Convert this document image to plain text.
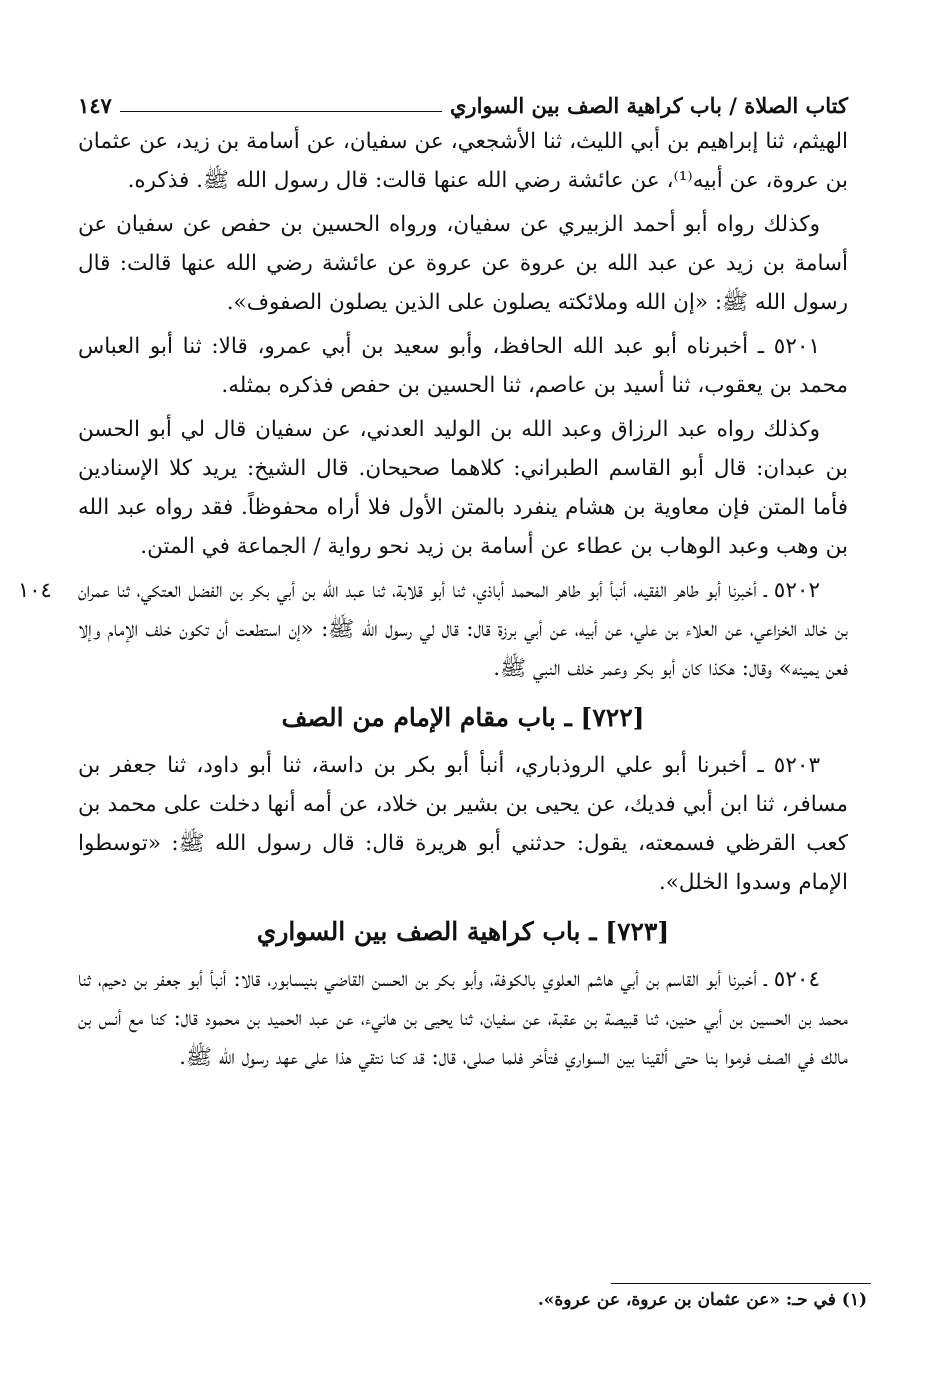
كتاب الصلاة / باب كراهية الصف بين السواري
١٤٧

الهيثم، ثنا إبراهيم بن أبي الليث، ثنا الأشجعي، عن سفيان، عن أسامة بن زيد، عن عثمان بن عروة، عن أبيه⁽¹⁾، عن عائشة رضي الله عنها قالت: قال رسول الله ﷺ. فذكره.

وكذلك رواه أبو أحمد الزبيري عن سفيان، ورواه الحسين بن حفص عن سفيان عن أسامة بن زيد عن عبد الله بن عروة عن عروة عن عائشة رضي الله عنها قالت: قال رسول الله ﷺ: «إن الله وملائكته يصلون على الذين يصلون الصفوف».

٥٢٠١ ـ أخبرناه أبو عبد الله الحافظ، وأبو سعيد بن أبي عمرو، قالا: ثنا أبو العباس محمد بن يعقوب، ثنا أسيد بن عاصم، ثنا الحسين بن حفص فذكره بمثله.

وكذلك رواه عبد الرزاق وعبد الله بن الوليد العدني، عن سفيان قال لي أبو الحسن بن عبدان: قال أبو القاسم الطبراني: كلاهما صحيحان. قال الشيخ: يريد كلا الإسنادين فأما المتن فإن معاوية بن هشام ينفرد بالمتن الأول فلا أراه محفوظاً. فقد رواه عبد الله بن وهب وعبد الوهاب بن عطاء عن أسامة بن زيد نحو رواية / الجماعة في المتن.

٥٢٠٢ ـ أخبرنا أبو طاهر الفقيه، أنبأ أبو طاهر المحمد أباذي، ثنا أبو قلابة، ثنا عبد الله بن أبي بكر بن الفضل العتكي، ثنا عمران بن خالد الخزاعي، عن العلاء بن علي، عن أبيه، عن أبي برزة قال: قال لي رسول الله ﷺ: «إن استطعت أن تكون خلف الإمام وإلا فعن يمينه» وقال: هكذا كان أبو بكر وعمر خلف النبي ﷺ.

[٧٢٢] ـ باب مقام الإمام من الصف

٥٢٠٣ ـ أخبرنا أبو علي الروذباري، أنبأ أبو بكر بن داسة، ثنا أبو داود، ثنا جعفر بن مسافر، ثنا ابن أبي فديك، عن يحيى بن بشير بن خلاد، عن أمه أنها دخلت على محمد بن كعب القرظي فسمعته، يقول: حدثني أبو هريرة قال: قال رسول الله ﷺ: «توسطوا الإمام وسدوا الخلل».

[٧٢٣] ـ باب كراهية الصف بين السواري

٥٢٠٤ ـ أخبرنا أبو القاسم بن أبي هاشم العلوي بالكوفة، وأبو بكر بن الحسن القاضي بنيسابور، قالا: أنبأ أبو جعفر بن دحيم، ثنا محمد بن الحسين بن أبي حنين، ثنا قبيصة بن عقبة، عن سفيان، ثنا يحيى بن هانيء، عن عبد الحميد بن محمود قال: كنا مع أنس بن مالك في الصف فرموا بنا حتى ألقينا بين السواري فتأخر فلما صلى، قال: قد كنا نتقي هذا على عهد رسول الله ﷺ.

١٠٤
(١) في حـ: «عن عثمان بن عروة، عن عروة».
